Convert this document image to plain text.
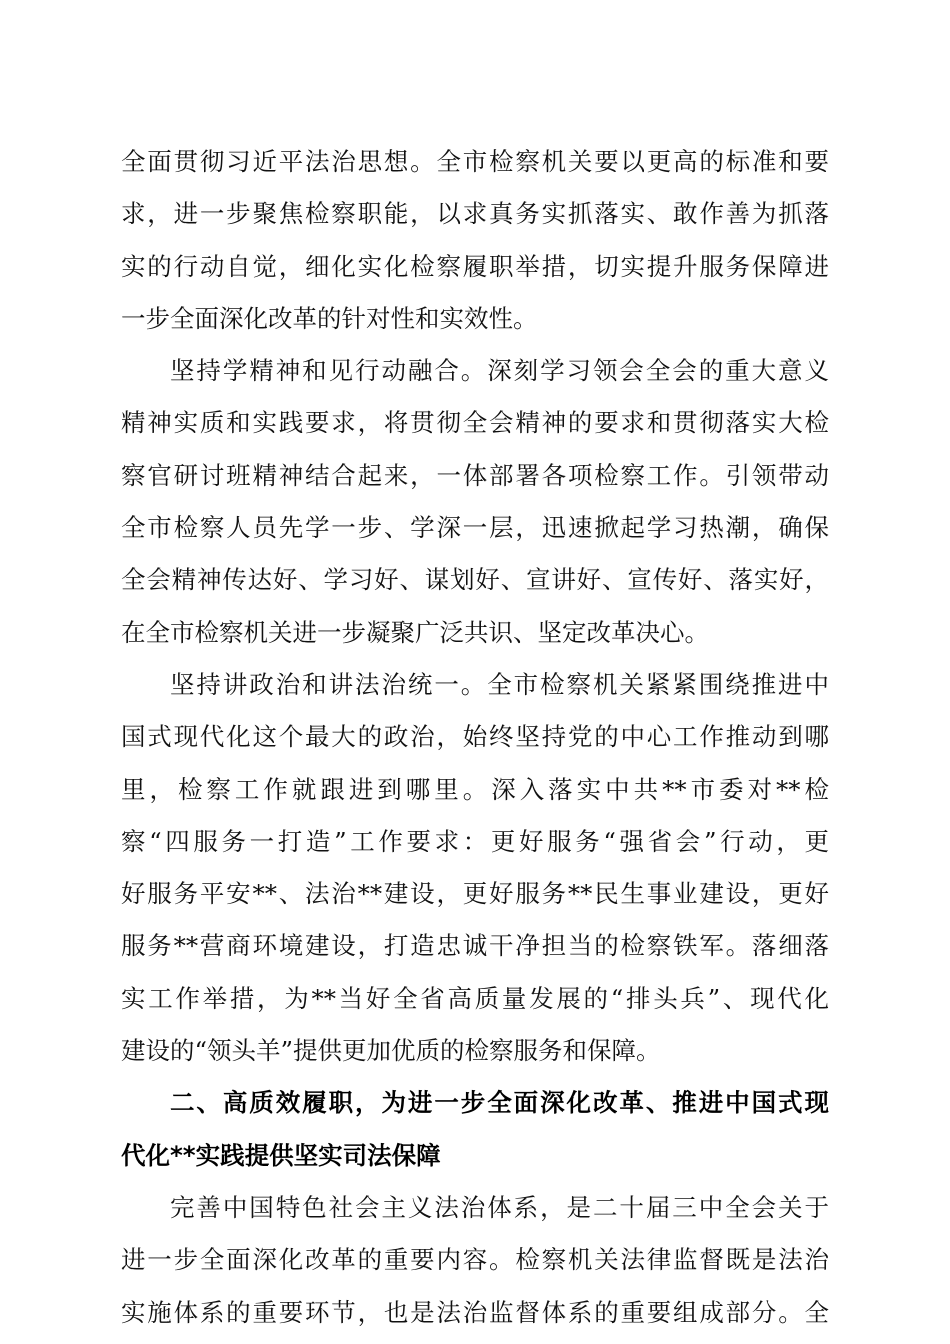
全面贯彻习近平法治思想。全市检察机关要以更高的标准和要
求，进一步聚焦检察职能，以求真务实抓落实、敢作善为抓落
实的行动自觉，细化实化检察履职举措，切实提升服务保障进
一步全面深化改革的针对性和实效性。
坚持学精神和见行动融合。深刻学习领会全会的重大意义
精神实质和实践要求，将贯彻全会精神的要求和贯彻落实大检
察官研讨班精神结合起来，一体部署各项检察工作。引领带动
全市检察人员先学一步、学深一层，迅速掀起学习热潮，确保
全会精神传达好、学习好、谋划好、宣讲好、宣传好、落实好，
在全市检察机关进一步凝聚广泛共识、坚定改革决心。
坚持讲政治和讲法治统一。全市检察机关紧紧围绕推进中
国式现代化这个最大的政治，始终坚持党的中心工作推动到哪
里，检察工作就跟进到哪里。深入落实中共**市委对**检
察“四服务一打造”工作要求：更好服务“强省会”行动，更
好服务平安**、法治**建设，更好服务**民生事业建设，更好
服务**营商环境建设，打造忠诚干净担当的检察铁军。落细落
实工作举措，为**当好全省高质量发展的“排头兵”、现代化
建设的“领头羊”提供更加优质的检察服务和保障。
二、高质效履职，为进一步全面深化改革、推进中国式现
代化**实践提供坚实司法保障
完善中国特色社会主义法治体系，是二十届三中全会关于
进一步全面深化改革的重要内容。检察机关法律监督既是法治
实施体系的重要环节，也是法治监督体系的重要组成部分。全
